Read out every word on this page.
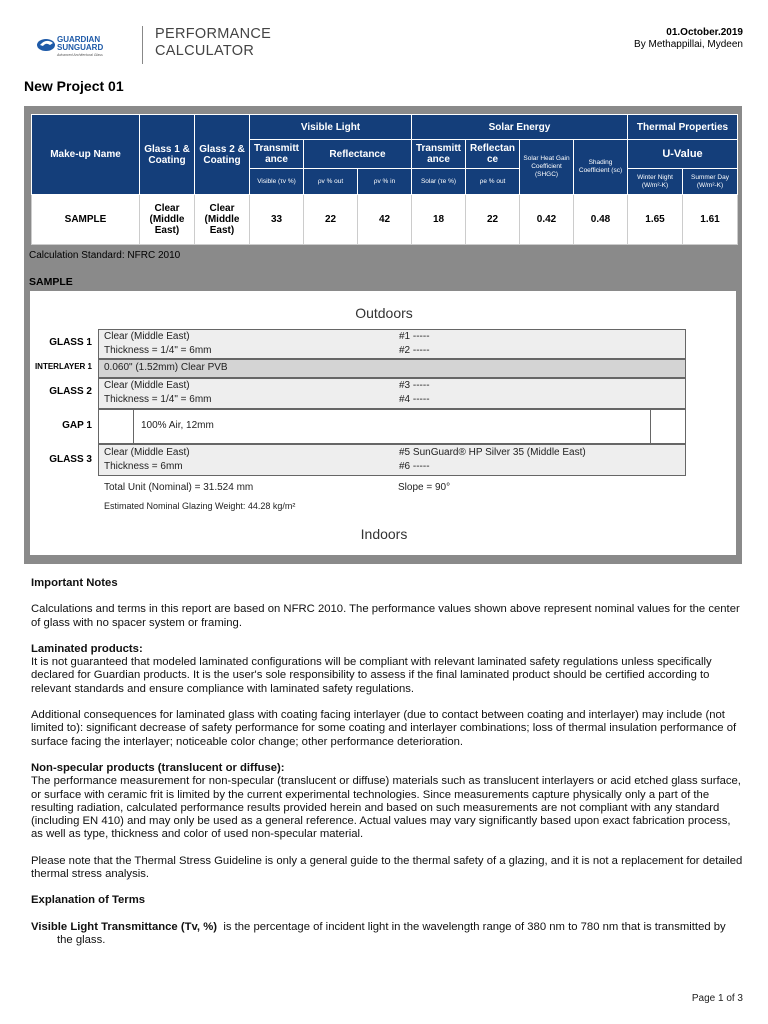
GUARDIAN
SUNGUARD
Advanced Architectural Glass
PERFORMANCE
CALCULATOR
01.October.2019
By Methappillai, Mydeen
New Project 01
Make-up Name	Glass 1 & Coating	Glass 2 & Coating	Visible Light			Solar Energy				Thermal Properties	
			Transmitt ance	Reflectance		Transmitt ance	Reflectan ce	Solar Heat Gain Coefficient (SHGC)	Shading Coefficient (sc)	U-Value	
			Visible (τv %)	ρv % out	ρv % in	Solar (τe %)	ρe % out			Winter Night (W/m²-K)	Summer Day (W/m²-K)
SAMPLE	Clear (Middle East)	Clear (Middle East)	33	22	42	18	22	0.42	0.48	1.65	1.61
Calculation Standard: NFRC 2010
SAMPLE
Outdoors
GLASS 1
Clear (Middle East)
Thickness = 1/4" = 6mm
#1 -----
#2 -----
INTERLAYER 1 0.060" (1.52mm) Clear PVB
GLASS 2
Clear (Middle East)
Thickness = 1/4" = 6mm
#3 -----
#4 -----
GAP 1	100% Air, 12mm
GLASS 3
Clear (Middle East)
Thickness = 6mm
#5 SunGuard® HP Silver 35 (Middle East)
#6 -----
Total Unit (Nominal) = 31.524 mm	Slope = 90°
Estimated Nominal Glazing Weight: 44.28 kg/m²
Indoors

Important Notes

Calculations and terms in this report are based on NFRC 2010. The performance values shown above represent nominal values for the center of glass with no spacer system or framing.

Laminated products:

It is not guaranteed that modeled laminated configurations will be compliant with relevant laminated safety regulations unless specifically declared for Guardian products. It is the user's sole responsibility to assess if the final laminated product should be certified according to relevant standards and ensure compliance with laminated safety regulations.

Additional consequences for laminated glass with coating facing interlayer (due to contact between coating and interlayer) may include (not limited to): significant decrease of safety performance for some coating and interlayer combinations; loss of thermal insulation performance of surface facing the interlayer; noticeable color change; other performance deterioration.

Non-specular products (translucent or diffuse):

The performance measurement for non-specular (translucent or diffuse) materials such as translucent interlayers or acid etched glass surface, or surface with ceramic frit is limited by the current experimental technologies. Since measurements capture physically only a part of the resulting radiation, calculated performance results provided herein and based on such measurements are not compliant with any standard (including EN 410) and may only be used as a general reference. Actual values may vary significantly based upon exact fabrication process, as well as type, thickness and color of used non-specular material.

Please note that the Thermal Stress Guideline is only a general guide to the thermal safety of a glazing, and it is not a replacement for detailed thermal stress analysis.

Explanation of Terms

Visible Light Transmittance (Tv, %) is the percentage of incident light in the wavelength range of 380 nm to 780 nm that is transmitted by the glass.

Page 1 of 3
